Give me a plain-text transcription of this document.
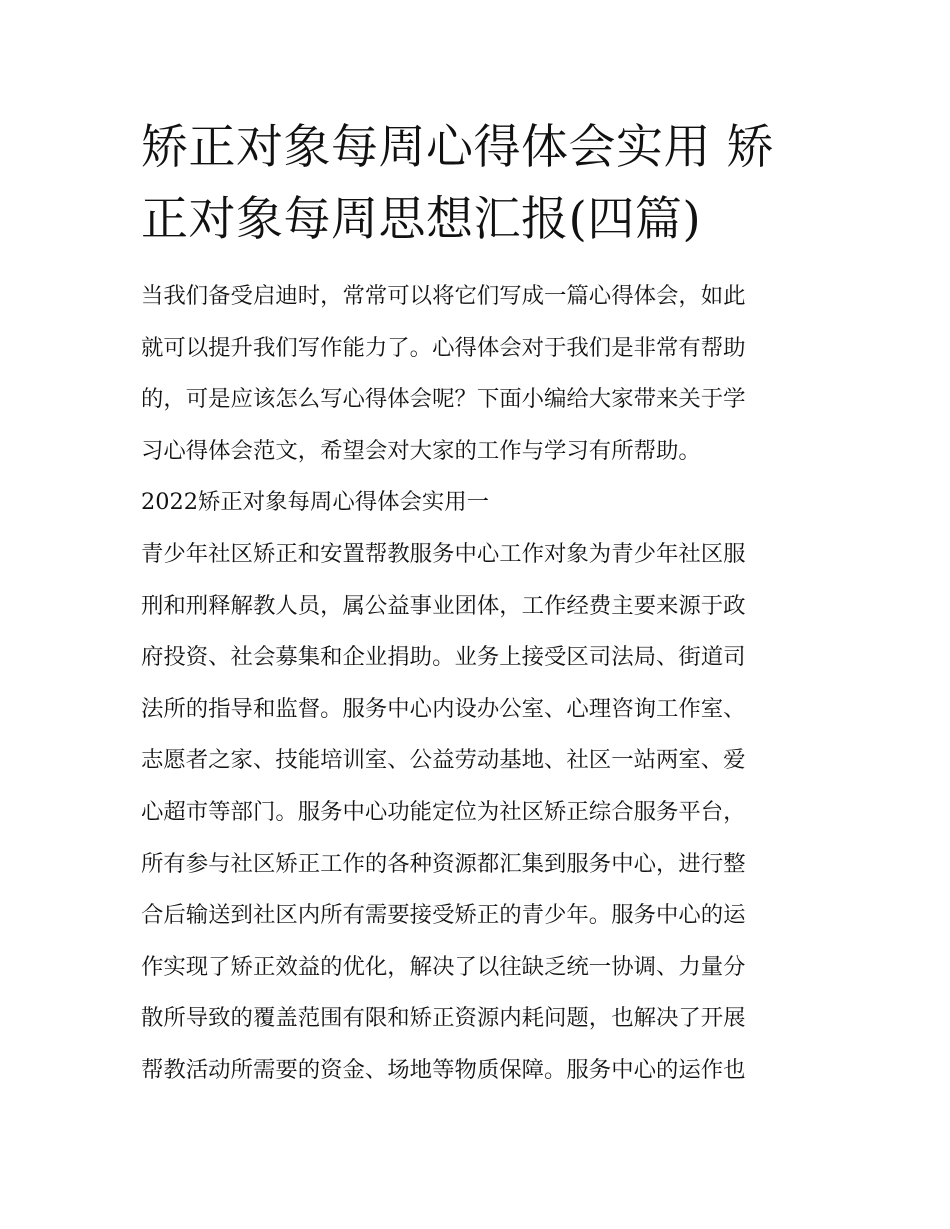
矫正对象每周心得体会实用 矫
正对象每周思想汇报(四篇)

当我们备受启迪时，常常可以将它们写成一篇心得体会，如此
就可以提升我们写作能力了。心得体会对于我们是非常有帮助
的，可是应该怎么写心得体会呢？下面小编给大家带来关于学
习心得体会范文，希望会对大家的工作与学习有所帮助。

2022矫正对象每周心得体会实用一

青少年社区矫正和安置帮教服务中心工作对象为青少年社区服
刑和刑释解教人员，属公益事业团体，工作经费主要来源于政
府投资、社会募集和企业捐助。业务上接受区司法局、街道司
法所的指导和监督。服务中心内设办公室、心理咨询工作室、
志愿者之家、技能培训室、公益劳动基地、社区一站两室、爱
心超市等部门。服务中心功能定位为社区矫正综合服务平台，
所有参与社区矫正工作的各种资源都汇集到服务中心，进行整
合后输送到社区内所有需要接受矫正的青少年。服务中心的运
作实现了矫正效益的优化，解决了以往缺乏统一协调、力量分
散所导致的覆盖范围有限和矫正资源内耗问题，也解决了开展
帮教活动所需要的资金、场地等物质保障。服务中心的运作也
